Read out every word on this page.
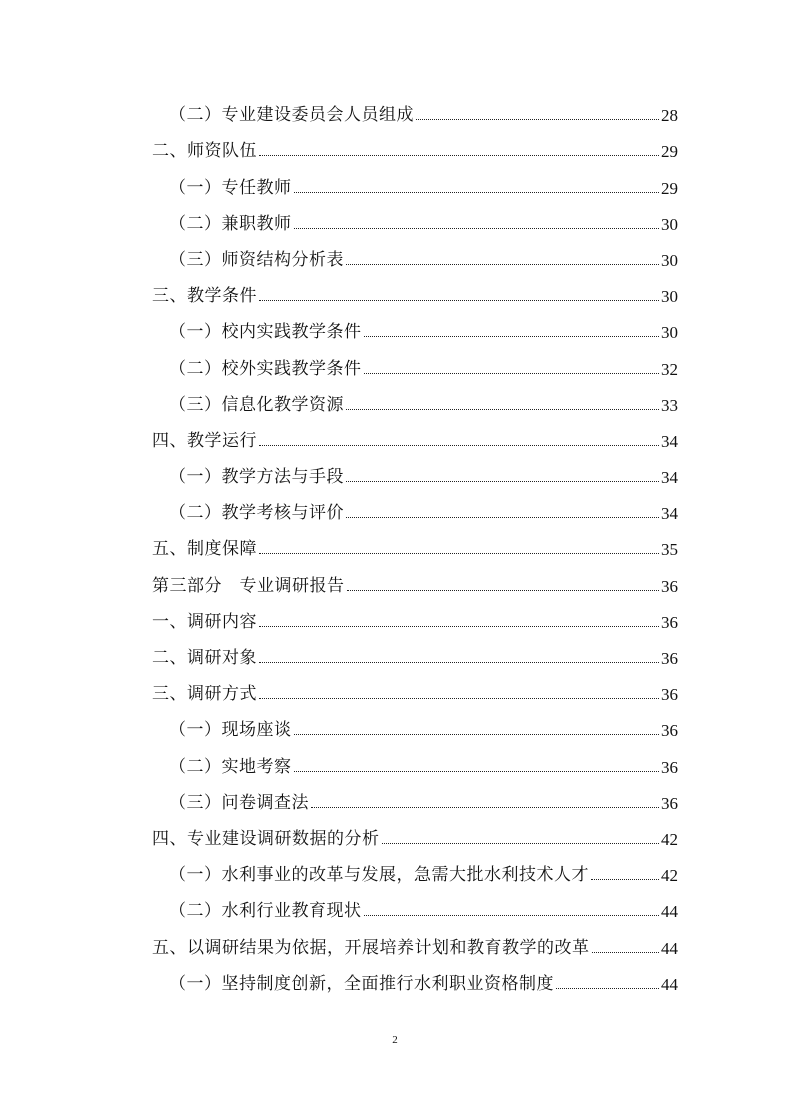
（二）专业建设委员会人员组成	28
二、师资队伍	29
（一）专任教师	29
（二）兼职教师	30
（三）师资结构分析表	30
三、教学条件	30
（一）校内实践教学条件	30
（二）校外实践教学条件	32
（三）信息化教学资源	33
四、教学运行	34
（一）教学方法与手段	34
（二）教学考核与评价	34
五、制度保障	35
第三部分　专业调研报告	36
一、调研内容	36
二、调研对象	36
三、调研方式	36
（一）现场座谈	36
（二）实地考察	36
（三）问卷调查法	36
四、专业建设调研数据的分析	42
（一）水利事业的改革与发展，急需大批水利技术人才	42
（二）水利行业教育现状	44
五、以调研结果为依据，开展培养计划和教育教学的改革	44
（一）坚持制度创新，全面推行水利职业资格制度	44
2
